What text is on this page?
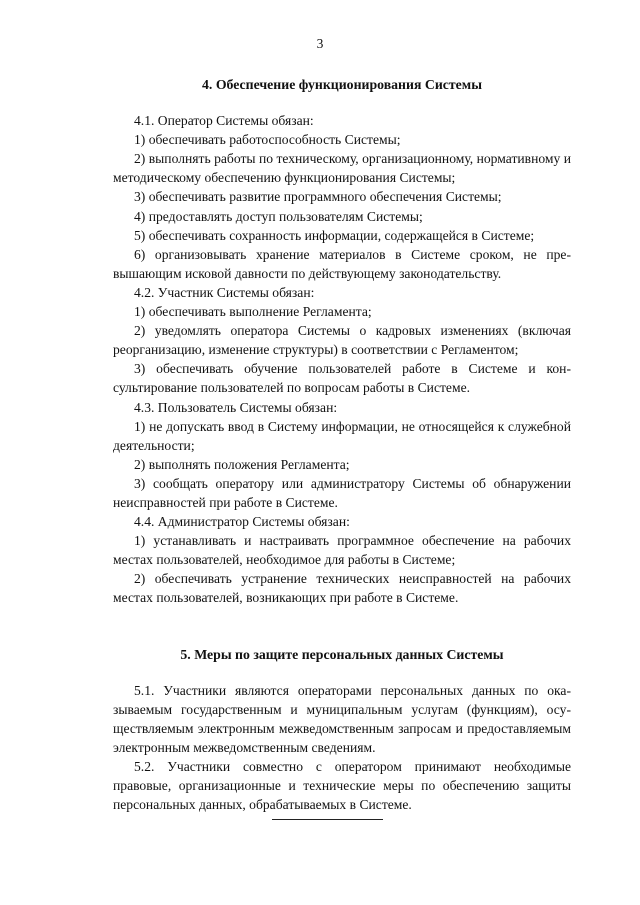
3

4. Обеспечение функционирования Системы

4.1. Оператор Системы обязан:

1) обеспечивать работоспособность Системы;

2) выполнять работы по техническому, организационному, нормативному и методическому обеспечению функционирования Системы;

3) обеспечивать развитие программного обеспечения Системы;

4) предоставлять доступ пользователям Системы;

5) обеспечивать сохранность информации, содержащейся в Системе;

6) организовывать хранение материалов в Системе сроком, не превышающим исковой давности по действующему законодательству.

4.2. Участник Системы обязан:

1) обеспечивать выполнение Регламента;

2) уведомлять оператора Системы о кадровых изменениях (включая реорганизацию, изменение структуры) в соответствии с Регламентом;

3) обеспечивать обучение пользователей работе в Системе и консультирование пользователей по вопросам работы в Системе.

4.3. Пользователь Системы обязан:

1) не допускать ввод в Систему информации, не относящейся к служебной деятельности;

2) выполнять положения Регламента;

3) сообщать оператору или администратору Системы об обнаружении неисправностей при работе в Системе.

4.4. Администратор Системы обязан:

1) устанавливать и настраивать программное обеспечение на рабочих местах пользователей, необходимое для работы в Системе;

2) обеспечивать устранение технических неисправностей на рабочих местах пользователей, возникающих при работе в Системе.

5. Меры по защите персональных данных Системы

5.1. Участники являются операторами персональных данных по оказываемым государственным и муниципальным услугам (функциям), осуществляемым электронным межведомственным запросам и предоставляемым электронным межведомственным сведениям.

5.2. Участники совместно с оператором принимают необходимые правовые, организационные и технические меры по обеспечению защиты персональных данных, обрабатываемых в Системе.
